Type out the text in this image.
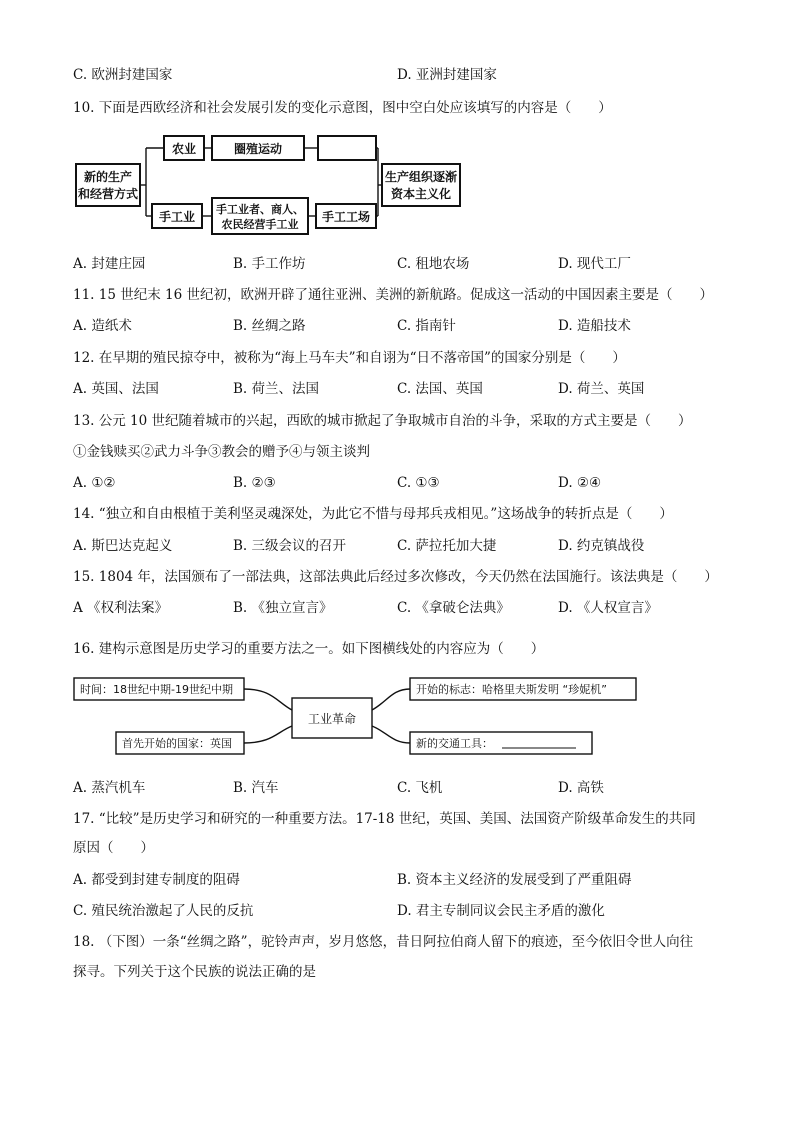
C. 欧洲封建国家	D. 亚洲封建国家
10. 下面是西欧经济和社会发展引发的变化示意图，图中空白处应该填写的内容是（　　）
新的生产
和经营方式
农业	圈殖运动
手工业
手工业者、商人、
农民经营手工业
手工工场
生产组织逐渐
资本主义化
A. 封建庄园	B. 手工作坊	C. 租地农场	D. 现代工厂
11. 15 世纪末 16 世纪初，欧洲开辟了通往亚洲、美洲的新航路。促成这一活动的中国因素主要是（　　）
A. 造纸术	B. 丝绸之路	C. 指南针	D. 造船技术
12. 在早期的殖民掠夺中，被称为“海上马车夫”和自诩为“日不落帝国”的国家分别是（　　）
A. 英国、法国	B. 荷兰、法国	C. 法国、英国	D. 荷兰、英国
13. 公元 10 世纪随着城市的兴起，西欧的城市掀起了争取城市自治的斗争，采取的方式主要是（　　）
①金钱赎买②武力斗争③教会的赠予④与领主谈判
A. ①②	B. ②③	C. ①③	D. ②④
14. “独立和自由根植于美利坚灵魂深处，为此它不惜与母邦兵戎相见。”这场战争的转折点是（　　）
A. 斯巴达克起义	B. 三级会议的召开	C. 萨拉托加大捷	D. 约克镇战役
15. 1804 年，法国颁布了一部法典，这部法典此后经过多次修改，今天仍然在法国施行。该法典是（　　）
A 《权利法案》	B. 《独立宣言》	C. 《拿破仑法典》	D. 《人权宣言》
16. 建构示意图是历史学习的重要方法之一。如下图横线处的内容应为（　　）
工业革命
时间：18世纪中期-19世纪中期	开始的标志：哈格里夫斯发明 “珍妮机”
首先开始的国家：英国	新的交通工具：
A. 蒸汽机车	B. 汽车	C. 飞机	D. 高铁
17. “比较”是历史学习和研究的一种重要方法。17-18 世纪，英国、美国、法国资产阶级革命发生的共同
原因（　　）
A. 都受到封建专制度的阻碍	B. 资本主义经济的发展受到了严重阻碍
C. 殖民统治激起了人民的反抗	D. 君主专制同议会民主矛盾的激化
18. （下图）一条“丝绸之路”，驼铃声声，岁月悠悠，昔日阿拉伯商人留下的痕迹，至今依旧令世人向往
探寻。下列关于这个民族的说法正确的是
